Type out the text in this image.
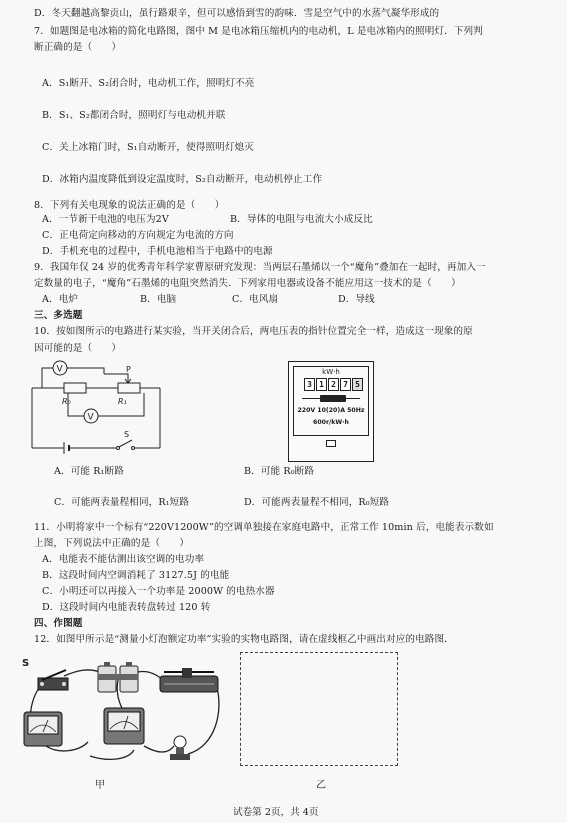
D．冬天翻越高黎贡山，虽行路艰辛，但可以感悟到雪的韵味．雪是空气中的水蒸气凝华形成的
7．如题图是电冰箱的简化电路图，图中 M 是电冰箱压缩机内的电动机，L 是电冰箱内的照明灯．下列判
断正确的是（　　）
A．S₁断开、S₂闭合时，电动机工作，照明灯不亮
B．S₁、S₂都闭合时，照明灯与电动机并联
C．关上冰箱门时，S₁自动断开，使得照明灯熄灭
D．冰箱内温度降低到设定温度时，S₂自动断开，电动机停止工作
8．下列有关电现象的说法正确的是（　　）
A．一节新干电池的电压为2V	B．导体的电阻与电流大小成反比
C．正电荷定向移动的方向规定为电流的方向
D．手机充电的过程中，手机电池相当于电路中的电源
9．我国年仅 24 岁的优秀青年科学家曹原研究发现：当两层石墨烯以一个“魔角”叠加在一起时，再加入一
定数量的电子，“魔角”石墨烯的电阻突然消失．下列家用电器或设备不能应用这一技术的是（　　）
A．电炉	B．电脑	C．电风扇	D．导线
三、多选题
10．按如图所示的电路进行某实验，当开关闭合后，两电压表的指针位置完全一样，造成这一现象的原
因可能的是（　　）
V
V
P
R₀	R₁
S
kW·h
3 1 2 7 5
220V 10(20)A 50Hz
600r/kW·h
A．可能 R₁断路	B．可能 R₀断路
C．可能两表量程相同，R₁短路	D．可能两表量程不相同，R₀短路
11．小明将家中一个标有“220V1200W”的空调单独接在家庭电路中，正常工作 10min 后，电能表示数如
上图，下列说法中正确的是（　　）
A．电能表不能估测出该空调的电功率
B．这段时间内空调消耗了 3127.5J 的电能
C．小明还可以再接入一个功率是 2000W 的电热水器
D．这段时间内电能表转盘转过 120 转
四、作图题
12．如图甲所示是“测量小灯泡额定功率”实验的实物电路图，请在虚线框乙中画出对应的电路图．
S
甲	乙
试卷第 2页，共 4页
